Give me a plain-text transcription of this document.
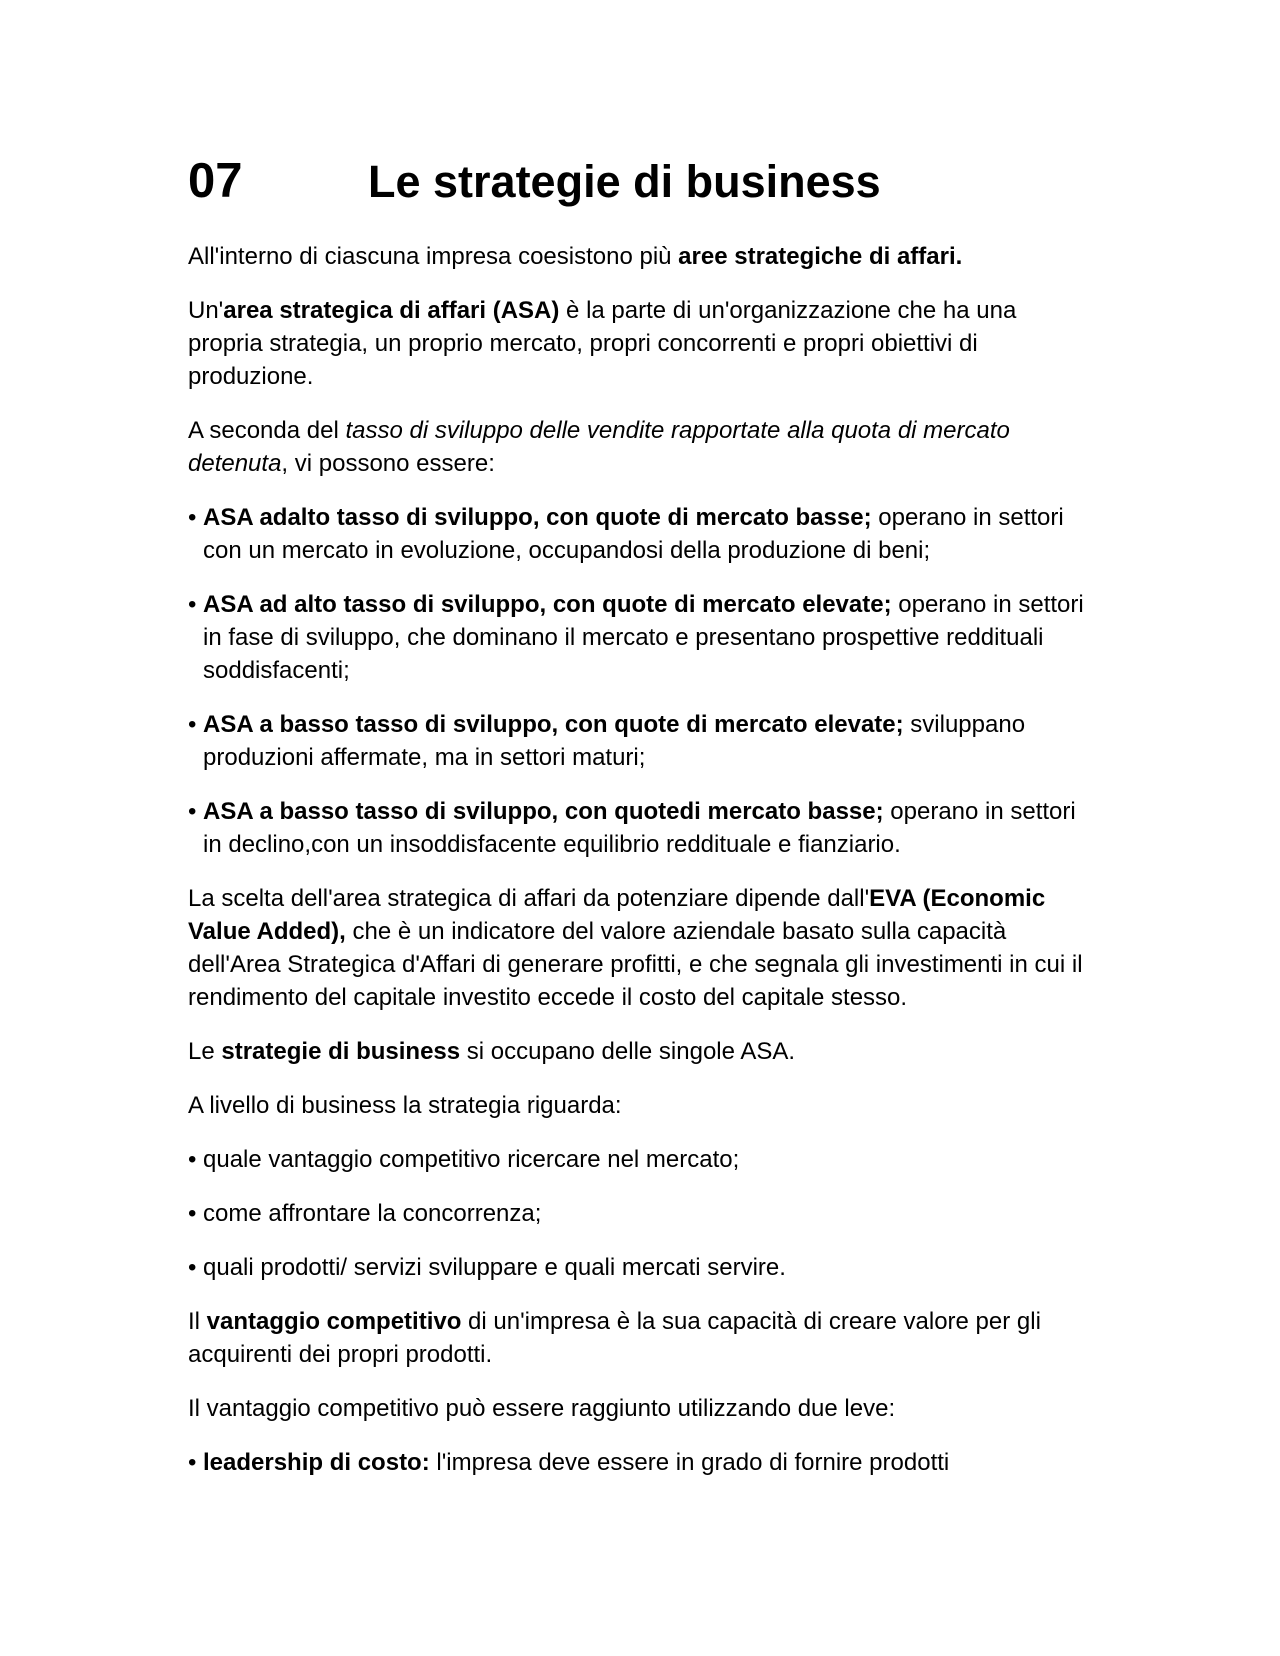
07	Le strategie di business

All'interno di ciascuna impresa coesistono più aree strategiche di affari.

Un'area strategica di affari (ASA) è la parte di un'organizzazione che ha una propria strategia, un proprio mercato, propri concorrenti e propri obiettivi di produzione.

A seconda del tasso di sviluppo delle vendite rapportate alla quota di mercato detenuta, vi possono essere:

• ASA adalto tasso di sviluppo, con quote di mercato basse; operano in settori con un mercato in evoluzione, occupandosi della produzione di beni;
• ASA ad alto tasso di sviluppo, con quote di mercato elevate; operano in settori in fase di sviluppo, che dominano il mercato e presentano prospettive reddituali soddisfacenti;
• ASA a basso tasso di sviluppo, con quote di mercato elevate; sviluppano produzioni affermate, ma in settori maturi;
• ASA a basso tasso di sviluppo, con quotedi mercato basse; operano in settori in declino,con un insoddisfacente equilibrio reddituale e fianziario.

La scelta dell'area strategica di affari da potenziare dipende dall'EVA (Economic Value Added), che è un indicatore del valore aziendale basato sulla capacità dell'Area Strategica d'Affari di generare profitti, e che segnala gli investimenti in cui il rendimento del capitale investito eccede il costo del capitale stesso.

Le strategie di business si occupano delle singole ASA.

A livello di business la strategia riguarda:

• quale vantaggio competitivo ricercare nel mercato;
• come affrontare la concorrenza;
• quali prodotti/ servizi sviluppare e quali mercati servire.

Il vantaggio competitivo di un'impresa è la sua capacità di creare valore per gli acquirenti dei propri prodotti.

Il vantaggio competitivo può essere raggiunto utilizzando due leve:

• leadership di costo: l'impresa deve essere in grado di fornire prodotti
